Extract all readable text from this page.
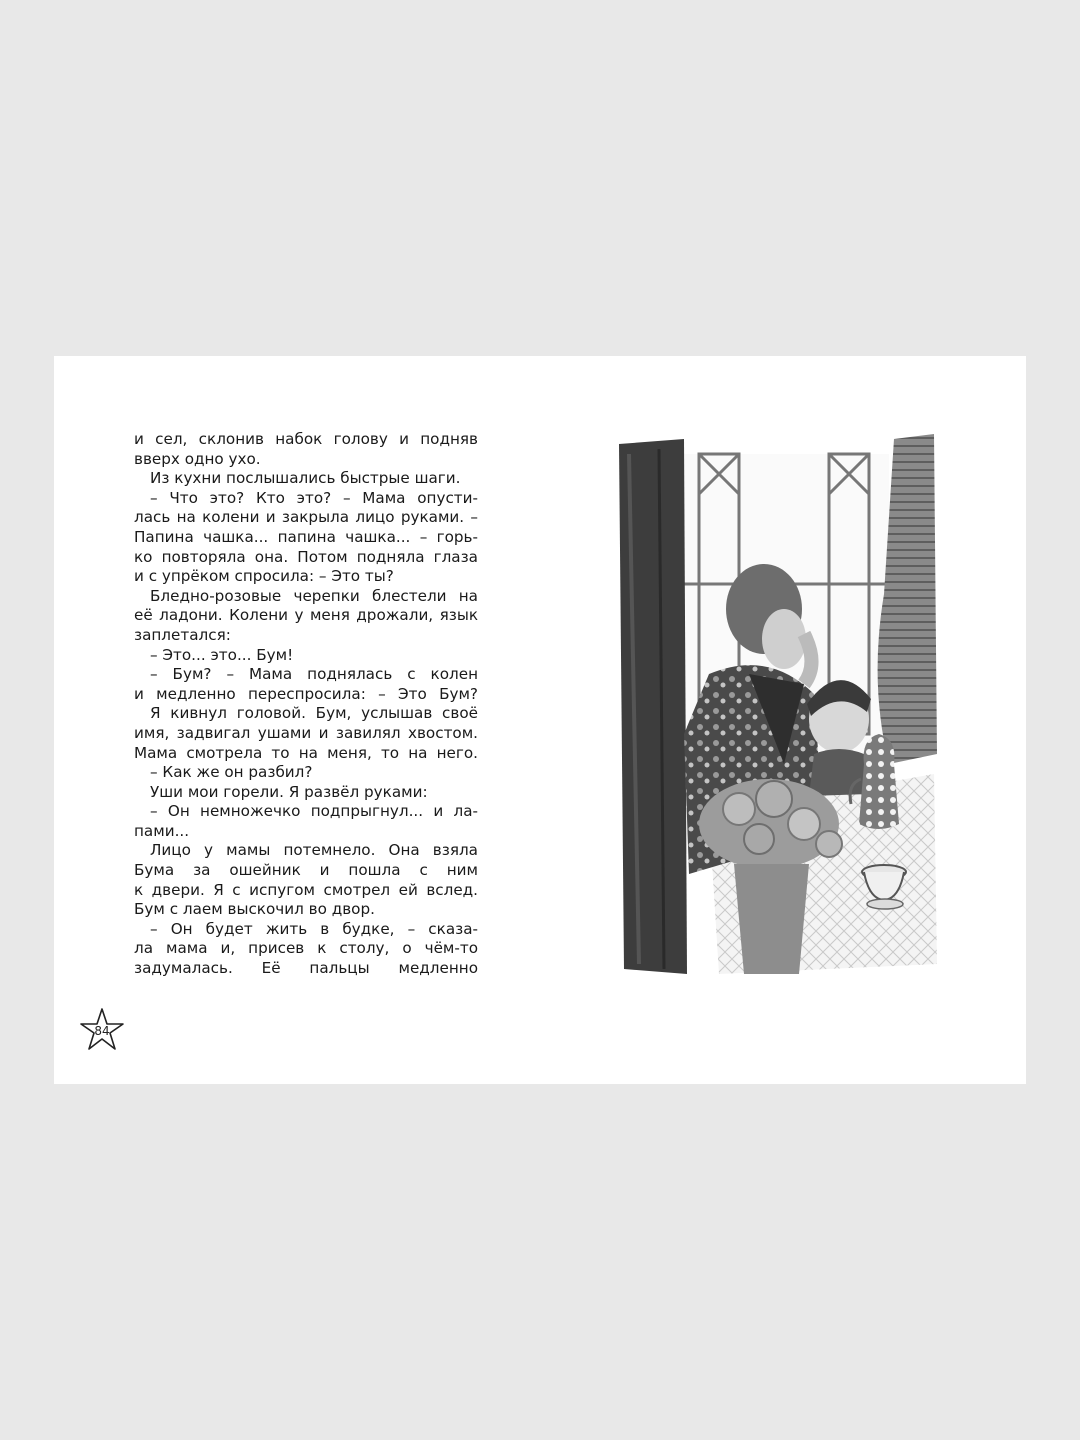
и сел, склонив набок голову и подняв
вверх одно ухо.
Из кухни послышались быстрые шаги.
– Что это? Кто это? – Мама опусти-
лась на колени и закрыла лицо руками. –
Папина чашка... папина чашка... – горь-
ко повторяла она. Потом подняла глаза
и с упрёком спросила: – Это ты?
Бледно-розовые черепки блестели на
её ладони. Колени у меня дрожали, язык
заплетался:
– Это... это... Бум!
– Бум? – Мама поднялась с колен
и медленно переспросила: – Это Бум?
Я кивнул головой. Бум, услышав своё
имя, задвигал ушами и завилял хвостом.
Мама смотрела то на меня, то на него.
– Как же он разбил?
Уши мои горели. Я развёл руками:
– Он немножечко подпрыгнул... и ла-
пами...
Лицо у мамы потемнело. Она взяла
Бума за ошейник и пошла с ним
к двери. Я с испугом смотрел ей вслед.
Бум с лаем выскочил во двор.
– Он будет жить в будке, – сказа-
ла мама и, присев к столу, о чём-то
задумалась. Её пальцы медленно
84
